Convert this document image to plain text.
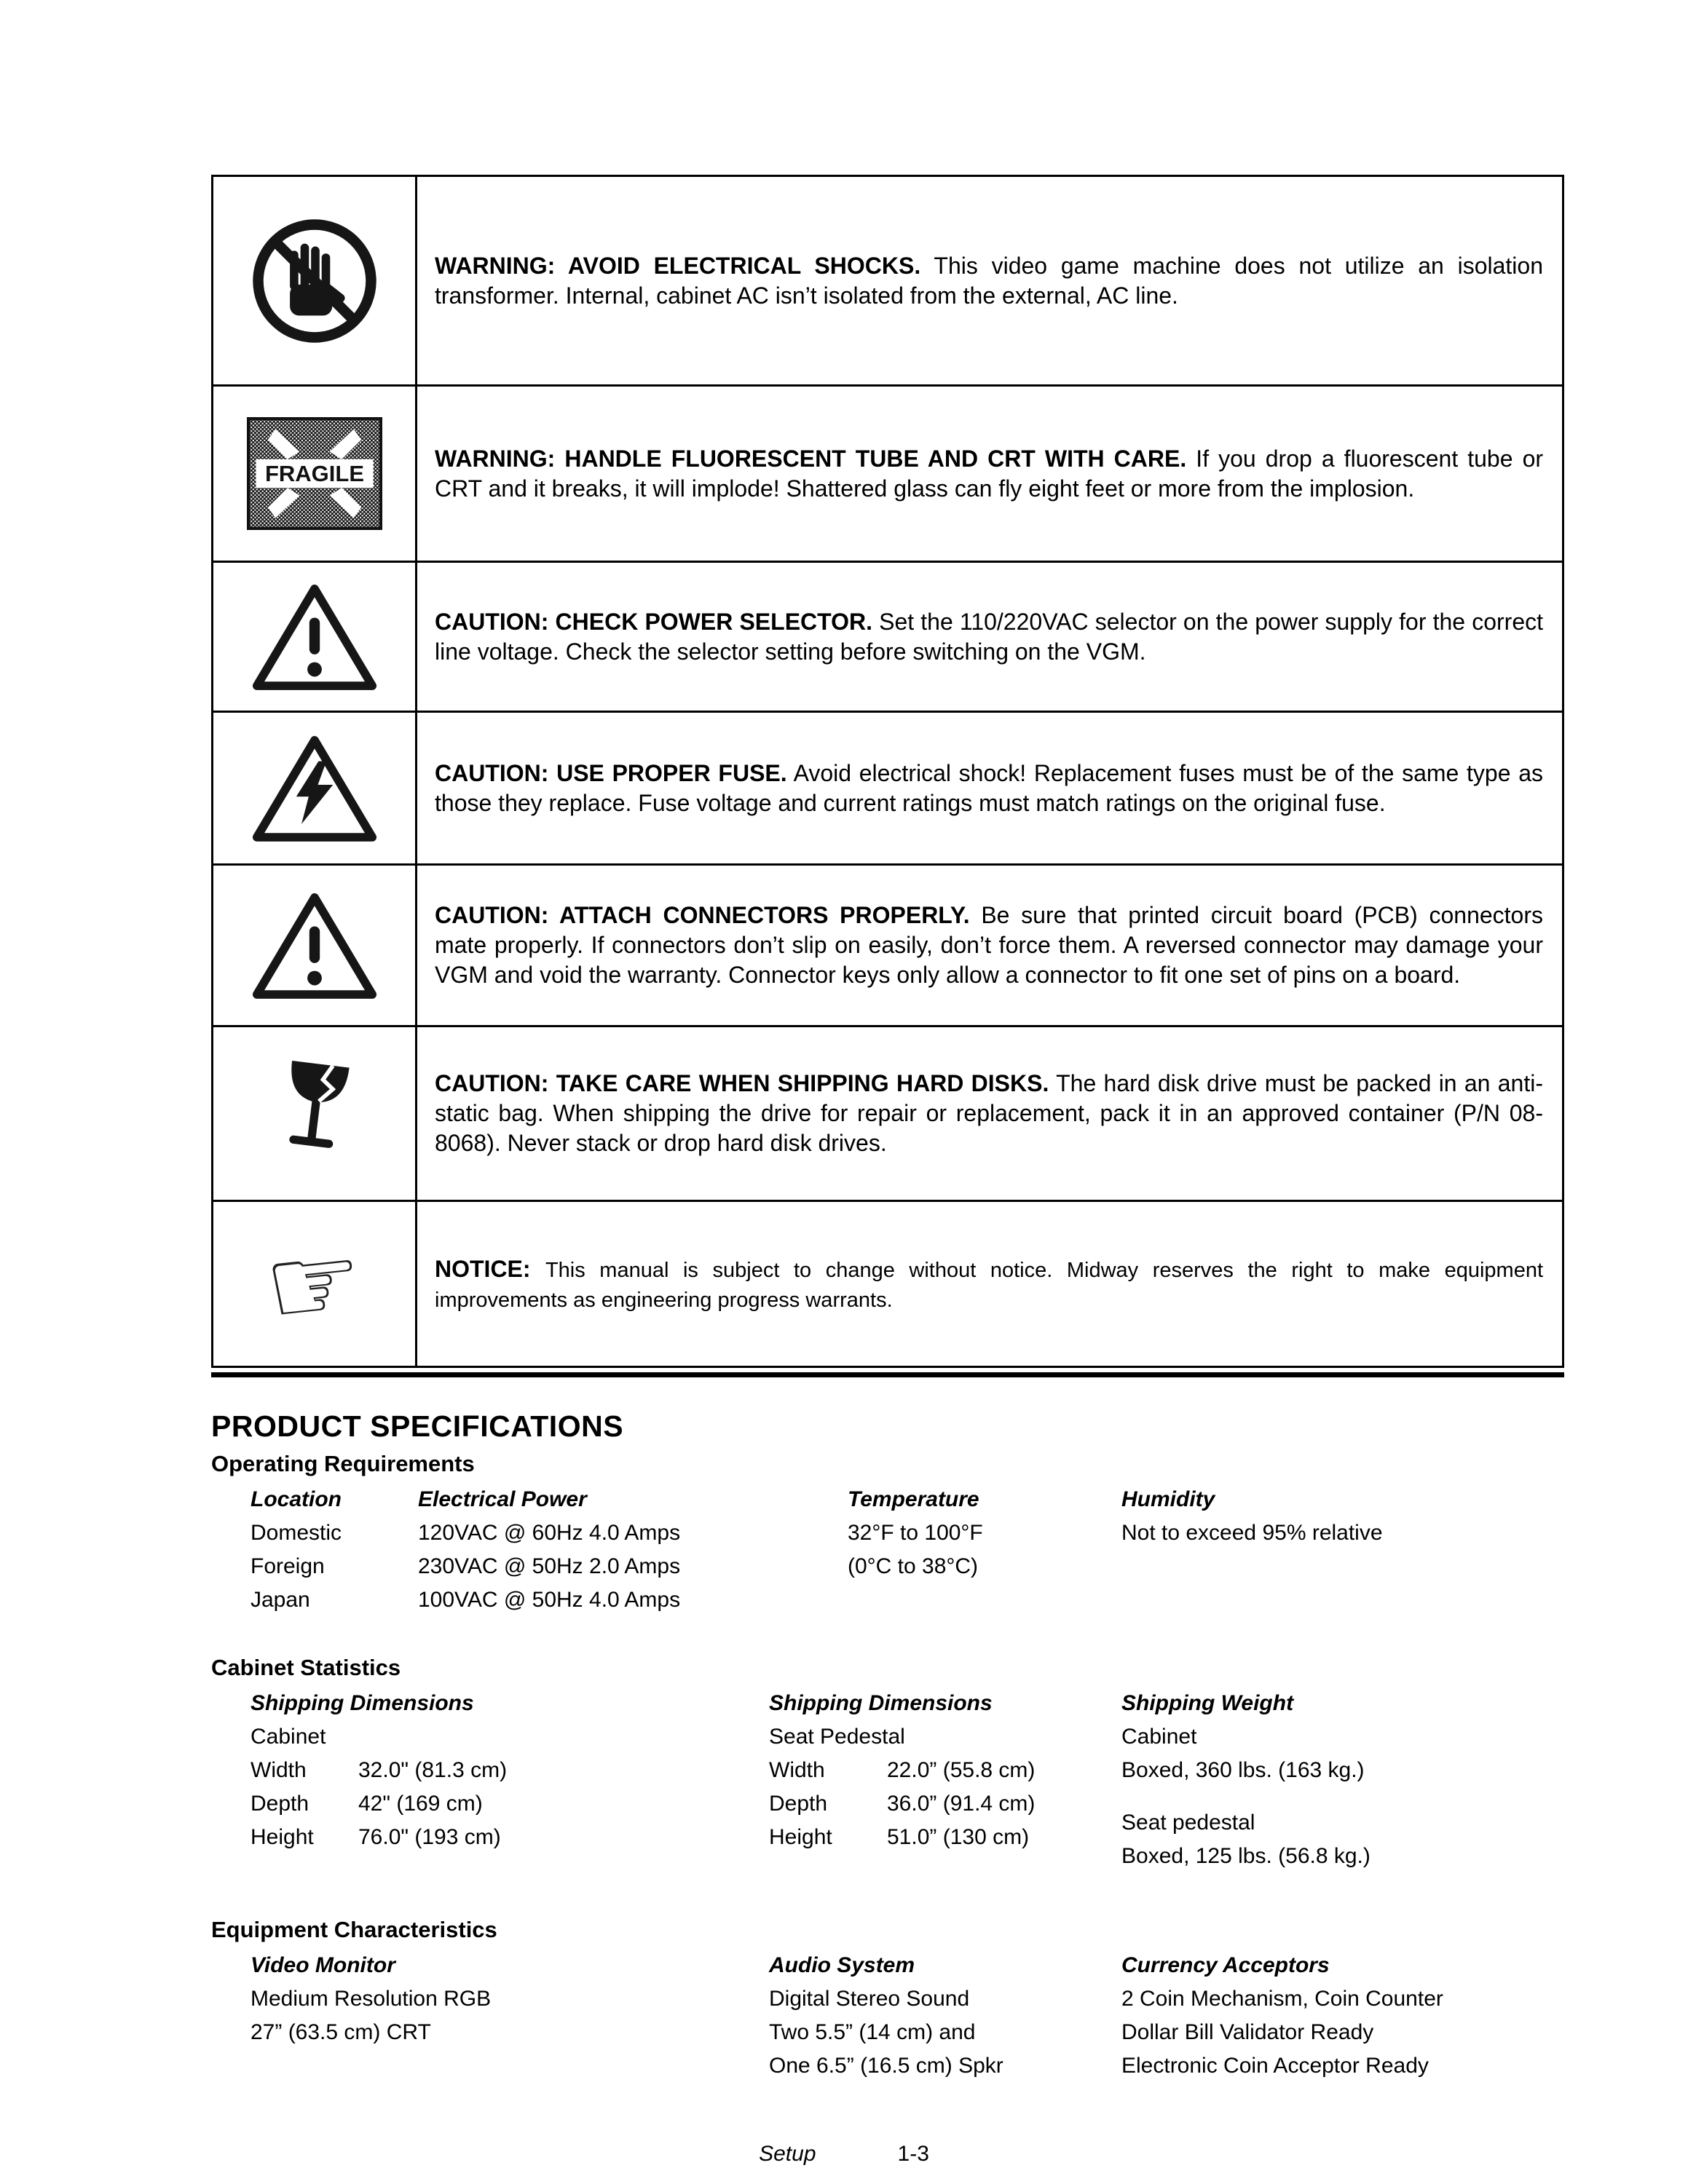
WARNING: AVOID ELECTRICAL SHOCKS. This video game machine does not utilize an isolation transformer. Internal, cabinet AC isn’t isolated from the external, AC line.

FRAGILE	WARNING: HANDLE FLUORESCENT TUBE AND CRT WITH CARE. If you drop a fluorescent tube or CRT and it breaks, it will implode! Shattered glass can fly eight feet or more from the implosion.

CAUTION: CHECK POWER SELECTOR. Set the 110/220VAC selector on the power supply for the correct line voltage. Check the selector setting before switching on the VGM.

CAUTION: USE PROPER FUSE. Avoid electrical shock! Replacement fuses must be of the same type as those they replace. Fuse voltage and current ratings must match ratings on the original fuse.

CAUTION: ATTACH CONNECTORS PROPERLY. Be sure that printed circuit board (PCB) connectors mate properly. If connectors don’t slip on easily, don’t force them. A reversed connector may damage your VGM and void the warranty. Connector keys only allow a connector to fit one set of pins on a board.

CAUTION: TAKE CARE WHEN SHIPPING HARD DISKS. The hard disk drive must be packed in an anti-static bag. When shipping the drive for repair or replacement, pack it in an approved container (P/N 08-8068). Never stack or drop hard disk drives.

☞	NOTICE: This manual is subject to change without notice. Midway reserves the right to make equipment improvements as engineering progress warrants.

PRODUCT SPECIFICATIONS
Operating Requirements
Location	Electrical Power	Temperature	Humidity
Domestic	120VAC @ 60Hz 4.0 Amps	32°F to 100°F	Not to exceed 95% relative
Foreign	230VAC @ 50Hz 2.0 Amps	(0°C to 38°C)
Japan	100VAC @ 50Hz 4.0 Amps
Cabinet Statistics
Shipping Dimensions
Cabinet
Width	32.0" (81.3 cm)
Depth	42" (169 cm)
Height	76.0" (193 cm)
Shipping Dimensions
Seat Pedestal
Width	22.0” (55.8 cm)
Depth	36.0” (91.4 cm)
Height	51.0” (130 cm)
Shipping Weight
Cabinet
Boxed, 360 lbs. (163 kg.)
Seat pedestal
Boxed, 125 lbs. (56.8 kg.)
Equipment Characteristics
Video Monitor
Medium Resolution RGB
27” (63.5 cm) CRT
Audio System
Digital Stereo Sound
Two 5.5” (14 cm) and
One 6.5” (16.5 cm) Spkr
Currency Acceptors
2 Coin Mechanism, Coin Counter
Dollar Bill Validator Ready
Electronic Coin Acceptor Ready
Setup	1-3
